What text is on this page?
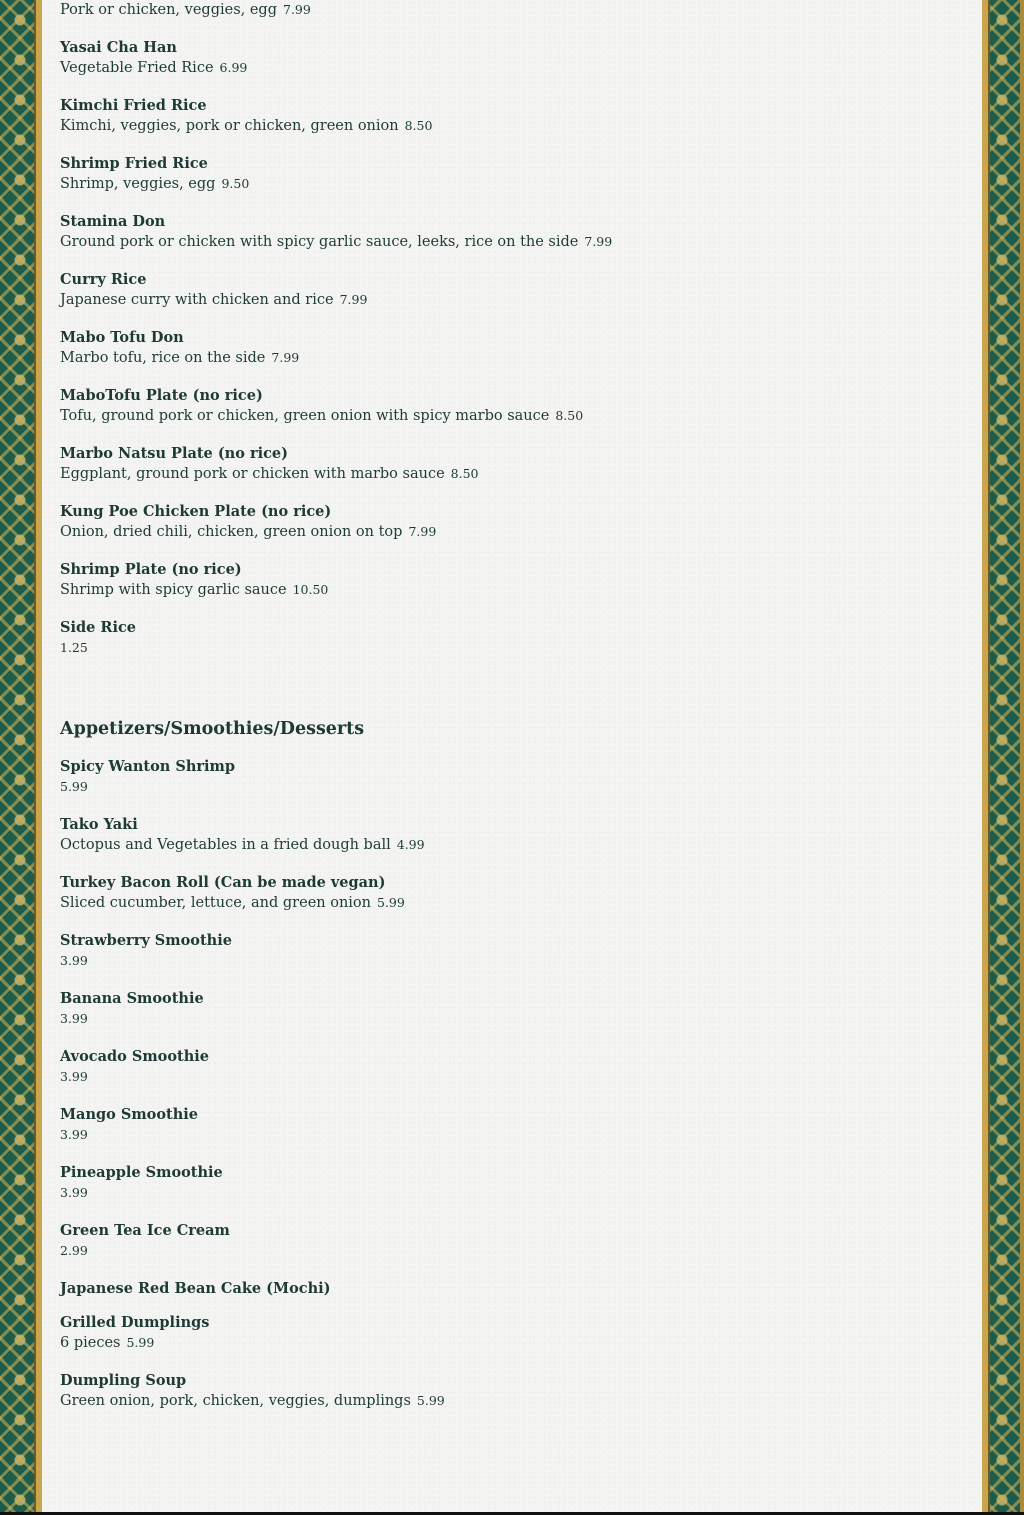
Pork or chicken, veggies, egg 7.99
Yasai Cha Han
Vegetable Fried Rice 6.99
Kimchi Fried Rice
Kimchi, veggies, pork or chicken, green onion 8.50
Shrimp Fried Rice
Shrimp, veggies, egg 9.50
Stamina Don
Ground pork or chicken with spicy garlic sauce, leeks, rice on the side 7.99
Curry Rice
Japanese curry with chicken and rice 7.99
Mabo Tofu Don
Marbo tofu, rice on the side 7.99
MaboTofu Plate (no rice)
Tofu, ground pork or chicken, green onion with spicy marbo sauce 8.50
Marbo Natsu Plate (no rice)
Eggplant, ground pork or chicken with marbo sauce 8.50
Kung Poe Chicken Plate (no rice)
Onion, dried chili, chicken, green onion on top 7.99
Shrimp Plate (no rice)
Shrimp with spicy garlic sauce 10.50
Side Rice
1.25
Appetizers/Smoothies/Desserts
Spicy Wanton Shrimp
5.99
Tako Yaki
Octopus and Vegetables in a fried dough ball 4.99
Turkey Bacon Roll (Can be made vegan)
Sliced cucumber, lettuce, and green onion 5.99
Strawberry Smoothie
3.99
Banana Smoothie
3.99
Avocado Smoothie
3.99
Mango Smoothie
3.99
Pineapple Smoothie
3.99
Green Tea Ice Cream
2.99
Japanese Red Bean Cake (Mochi)
Grilled Dumplings
6 pieces 5.99
Dumpling Soup
Green onion, pork, chicken, veggies, dumplings 5.99
